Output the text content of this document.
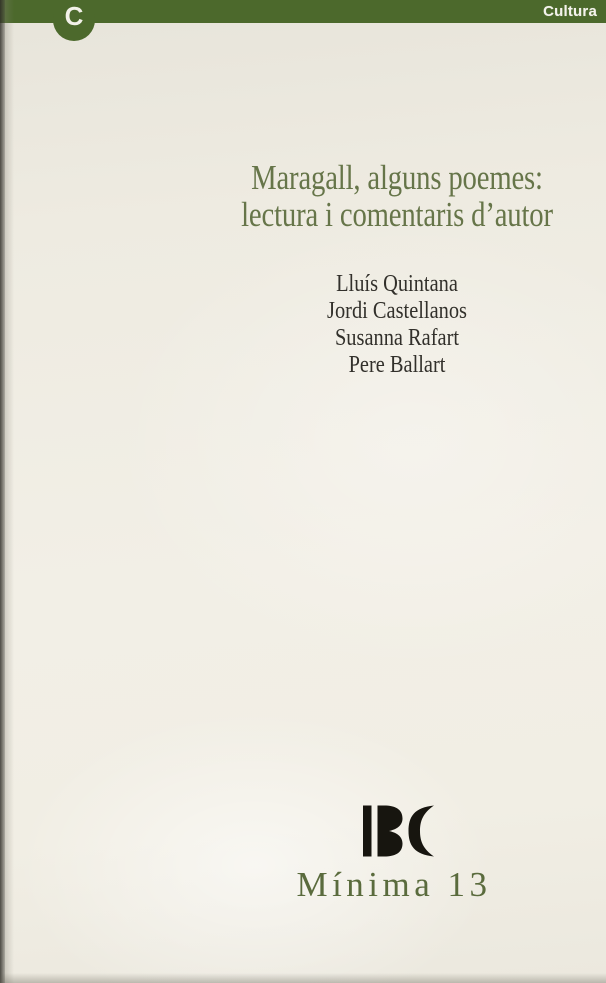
Cultura
C
Maragall, alguns poemes:
lectura i comentaris d’autor
Lluís Quintana
Jordi Castellanos
Susanna Rafart
Pere Ballart
Mínima 13
